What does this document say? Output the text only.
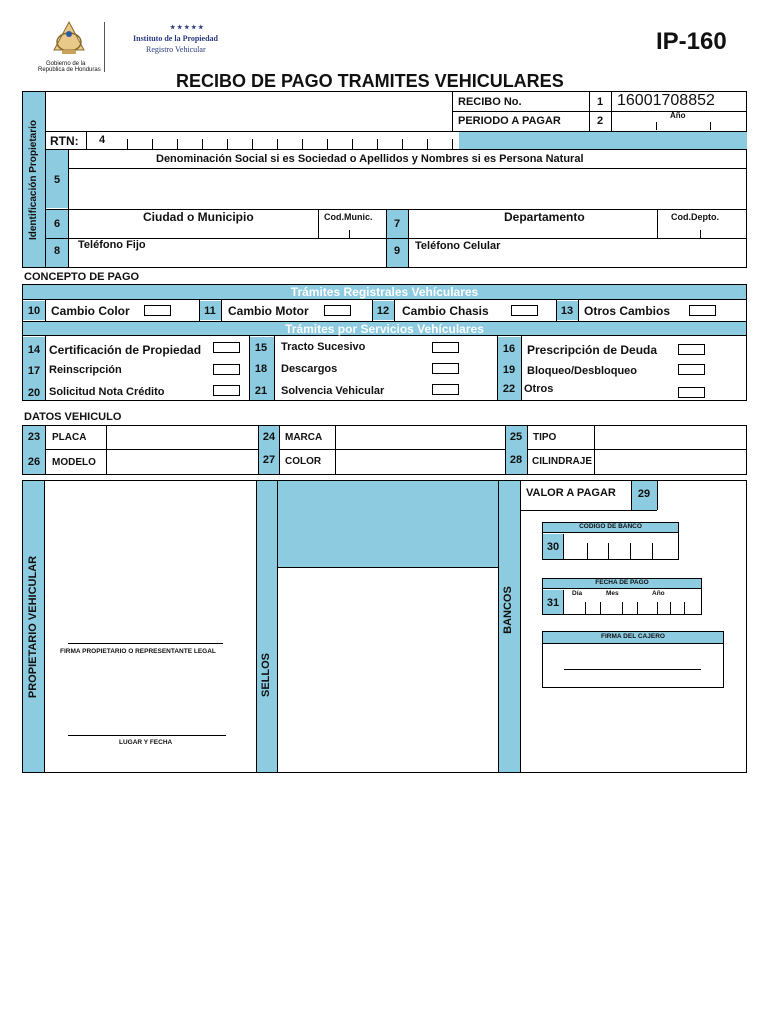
Gobierno de la
República de Honduras
★ ★ ★ ★ ★
Instituto de la Propiedad
Registro Vehicular	IP-160
RECIBO DE PAGO TRAMITES VEHICULARES
Identificación Propietario
RECIBO No.	1 16001708852
PERIODO A PAGAR	2	Año
RTN:	4
Denominación Social si es Sociedad o Apellidos y Nombres si es Persona Natural
5
6	Ciudad o Municipio	Cod.Munic.
7	Departamento	Cod.Depto.
8	Teléfono Fijo	9	Teléfono Celular
CONCEPTO DE PAGO
Trámites Registrales Vehículares
10 Cambio Color	11	Cambio Motor	12	Cambio Chasis	13 Otros Cambios
Trámites por Servicios Vehículares
14 Certificación de Propiedad	15	Tracto Sucesivo	16 Prescripción de Deuda
17 Reinscripción	18	Descargos	19	Bloqueo/Desbloqueo
20 Solicitud Nota Crédito	21	Solvencia Vehicular	22 Otros
DATOS VEHICULO
23	PLACA	24 MARCA	25	TIPO
26	MODELO	27 COLOR	28 CILINDRAJE
PROPIETARIO VEHICULAR	FIRMA PROPIETARIO O REPRESENTANTE LEGAL
LUGAR Y FECHA
SELLOS
BANCOS
VALOR A PAGAR	29
CODIGO DE BANCO
30
FECHA DE PAGO
31
Día	Mes	Año
FIRMA DEL CAJERO
